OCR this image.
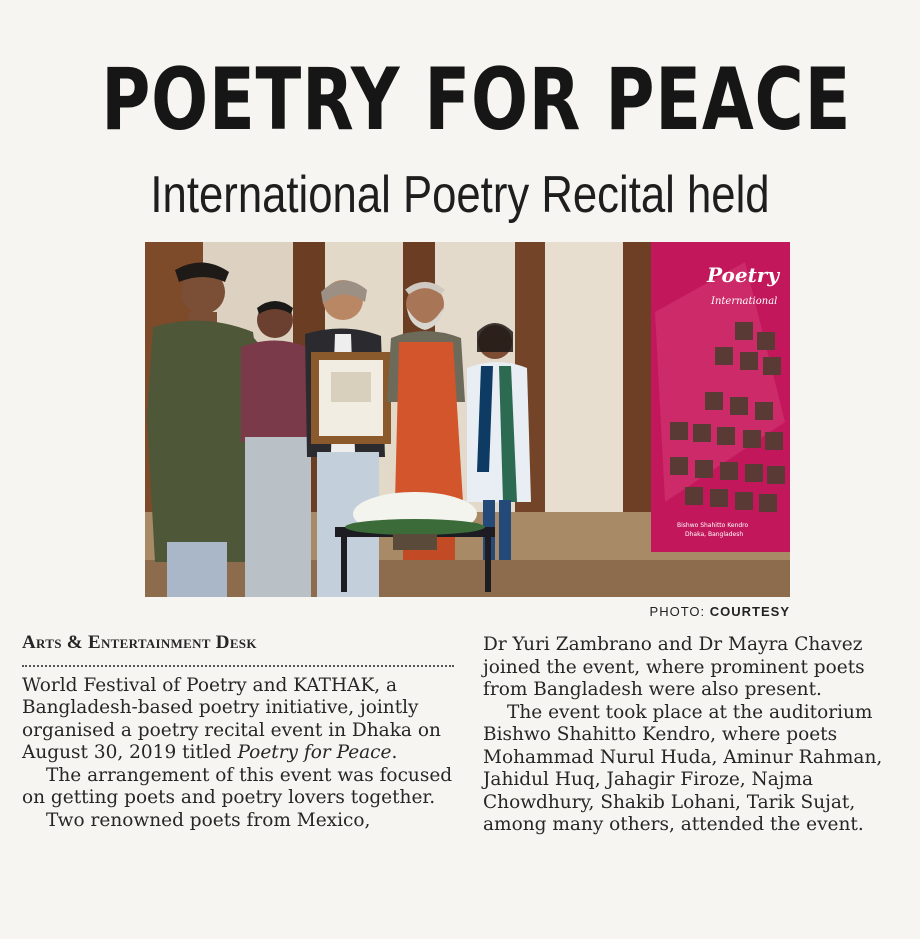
POETRY FOR PEACE
International Poetry Recital held
Poetry
International
Bishwo Shahitto Kendro
Dhaka, Bangladesh
PHOTO: COURTESY
Arts & Entertainment Desk

World Festival of Poetry and KATHAK, a Bangladesh-based poetry initiative, jointly organised a poetry recital event in Dhaka on August 30, 2019 titled Poetry for Peace.

The arrangement of this event was focused on getting poets and poetry lovers together.

Two renowned poets from Mexico,

Dr Yuri Zambrano and Dr Mayra Chavez joined the event, where prominent poets from Bangladesh were also present.

The event took place at the auditorium Bishwo Shahitto Kendro, where poets Mohammad Nurul Huda, Aminur Rahman, Jahidul Huq, Jahagir Firoze, Najma Chowdhury, Shakib Lohani, Tarik Sujat, among many others, attended the event.
